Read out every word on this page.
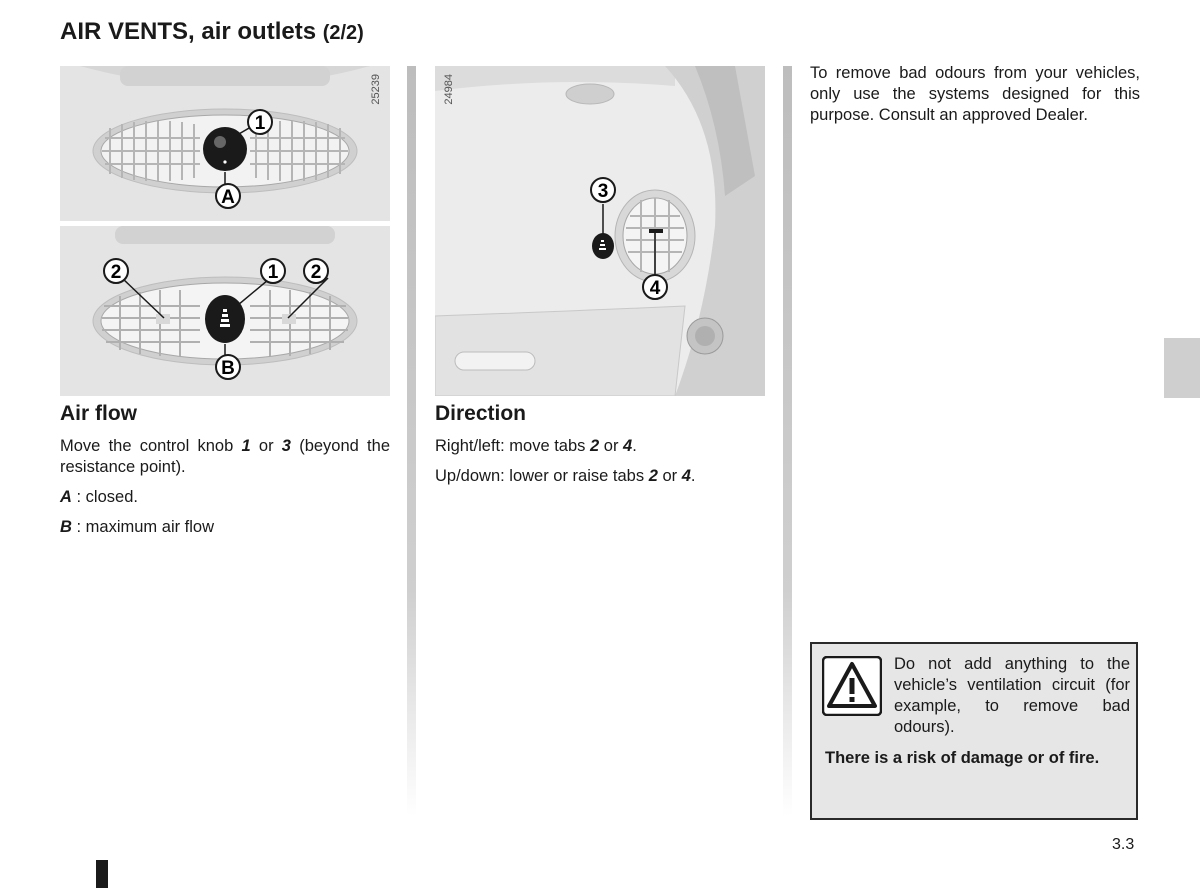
AIR VENTS, air outlets (2/2)
1
A
25239
2	1 2
B
3
4
24984
Air flow

Move the control knob 1 or 3 (beyond the resistance point).

A : closed.

B : maximum air flow

Direction

Right/left: move tabs 2 or 4.

Up/down: lower or raise tabs 2 or 4.

To remove bad odours from your vehicles, only use the systems designed for this purpose. Consult an approved Dealer.
Do not add anything to the vehicle’s ventilation circuit (for example, to remove bad odours).
There is a risk of damage or of fire.
3.3
